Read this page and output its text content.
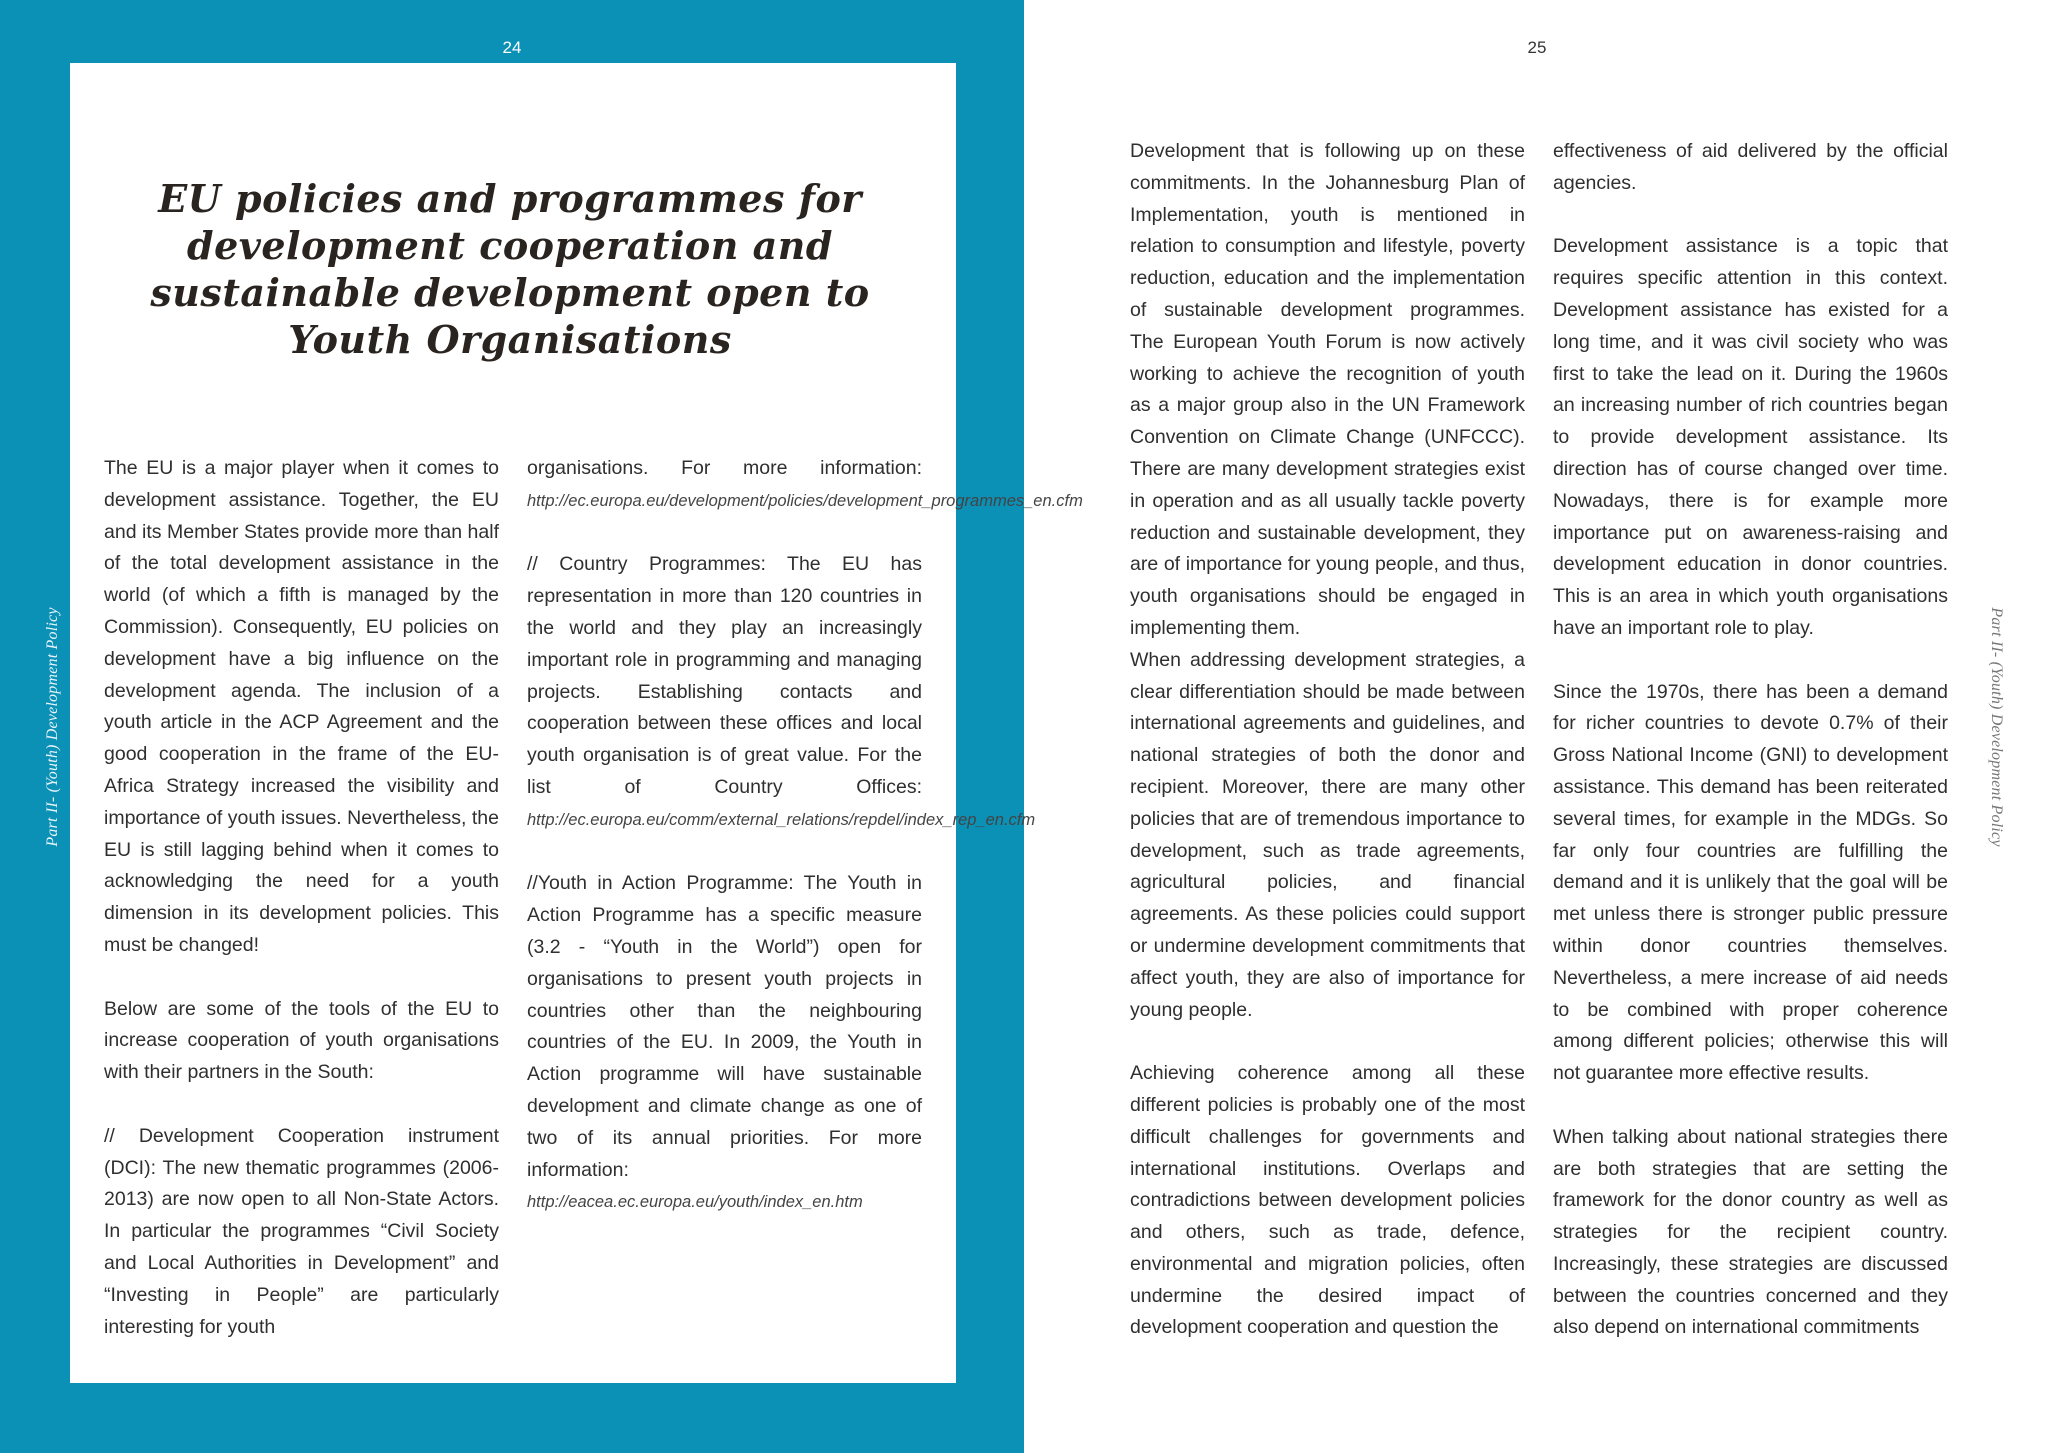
24
Part II- (Youth) Development Policy
25
Part II- (Youth) Development Policy
EU policies and programmes for development cooperation and sustainable development open to Youth Organisations

The EU is a major player when it comes to development assistance. Together, the EU and its Member States provide more than half of the total development assistance in the world (of which a fifth is managed by the Commission). Consequently, EU policies on development have a big influence on the development agenda. The inclusion of a youth article in the ACP Agreement and the good cooperation in the frame of the EU-Africa Strategy increased the visibility and importance of youth issues. Nevertheless, the EU is still lagging behind when it comes to acknowledging the need for a youth dimension in its development policies. This must be changed!

Below are some of the tools of the EU to increase cooperation of youth organisations with their partners in the South:

// Development Cooperation instrument (DCI): The new thematic programmes (2006-2013) are now open to all Non-State Actors. In particular the programmes “Civil Society and Local Authorities in Development” and “Investing in People” are particularly interesting for youth

organisations. For more information: http://ec.europa.eu/development/policies/development_programmes_en.cfm

// Country Programmes: The EU has representation in more than 120 countries in the world and they play an increasingly important role in programming and managing projects. Establishing contacts and cooperation between these offices and local youth organisation is of great value. For the list of Country Offices: http://ec.europa.eu/comm/external_relations/repdel/index_rep_en.cfm

//Youth in Action Programme: The Youth in Action Programme has a specific measure (3.2 - “Youth in the World”) open for organisations to present youth projects in countries other than the neighbouring countries of the EU. In 2009, the Youth in Action programme will have sustainable development and climate change as one of two of its annual priorities. For more information: http://eacea.ec.europa.eu/youth/index_en.htm

Development that is following up on these commitments. In the Johannesburg Plan of Implementation, youth is mentioned in relation to consumption and lifestyle, poverty reduction, education and the implementation of sustainable development programmes. The European Youth Forum is now actively working to achieve the recognition of youth as a major group also in the UN Framework Convention on Climate Change (UNFCCC). There are many development strategies exist in operation and as all usually tackle poverty reduction and sustainable development, they are of importance for young people, and thus, youth organisations should be engaged in implementing them.

When addressing development strategies, a clear differentiation should be made between international agreements and guidelines, and national strategies of both the donor and recipient. Moreover, there are many other policies that are of tremendous importance to development, such as trade agreements, agricultural policies, and financial agreements. As these policies could support or undermine development commitments that affect youth, they are also of importance for young people.

Achieving coherence among all these different policies is probably one of the most difficult challenges for governments and international institutions. Overlaps and contradictions between development policies and others, such as trade, defence, environmental and migration policies, often undermine the desired impact of development cooperation and question the

effectiveness of aid delivered by the official agencies.

Development assistance is a topic that requires specific attention in this context. Development assistance has existed for a long time, and it was civil society who was first to take the lead on it. During the 1960s an increasing number of rich countries began to provide development assistance. Its direction has of course changed over time. Nowadays, there is for example more importance put on awareness-raising and development education in donor countries. This is an area in which youth organisations have an important role to play.

Since the 1970s, there has been a demand for richer countries to devote 0.7% of their Gross National Income (GNI) to development assistance. This demand has been reiterated several times, for example in the MDGs. So far only four countries are fulfilling the demand and it is unlikely that the goal will be met unless there is stronger public pressure within donor countries themselves. Nevertheless, a mere increase of aid needs to be combined with proper coherence among different policies; otherwise this will not guarantee more effective results.

When talking about national strategies there are both strategies that are setting the framework for the donor country as well as strategies for the recipient country. Increasingly, these strategies are discussed between the countries concerned and they also depend on international commitments
